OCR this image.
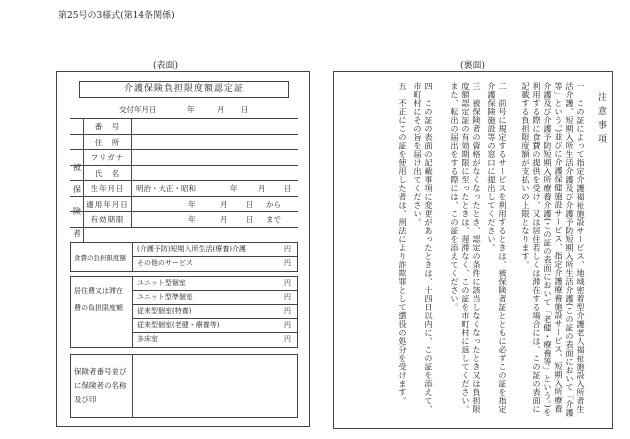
第25号の3様式(第14条関係)
(表面)	(裏面)
介護保険負担限度額認定証
交付年月日	年	月 日
被保険者
番　号
住　所
フリガナ
氏　名
生年月日	明治・大正・昭和	年	月 日
適用年月日	年	月 日 から
有効期限	年	月 日 まで
食費の負担限度額
(介護予防)短期入所生活(療養)介護	円
その他のサービス	円
居住費又は滞在費の負担限度額
ユニット型個室	円
ユニット型準個室	円
従来型個室(特養)	円
従来型個室(老健・療養等)	円
多床室	円
保険者番号並びに保険者の名称及び印
注意事項
一　この証によって指定介護福祉施設サービス、地域密着型介護老人福祉施設入所者生活介護、短期入所生活介護及び介護予防短期入所生活介護(この証の表面において「介護等」という。)並びに介護保健施設サービス、指定介護療養施設サービス、短期入所療養介護及び介護予防短期入所療養介護(この証の表面において「老健・療養等」という。)を利用する際に食費の提供を受け、又は居住若しくは滞在する場合には、この証の表面に記載する負担限度額が支払いの上限となります。
二　前号に規定するサービスを利用するときは、被保険者証とともに必ずこの証を指定介護保険施設等の窓口に提出してください。
三　被保険者の資格がなくなったとき、認定の条件に該当しなくなったとき又は負担限度額認定証の有効期限に至ったときは、遅滞なく、この証を市町村に返してください。また、転出の届出をする際には、この証を添えてください。
四　この証の表面の記載事項に変更があったときは、十四日以内に、この証を添えて、市町村にその旨を届け出てください。
五　不正にこの証を使用した者は、刑法により詐欺罪として懲役の処分を受けます。
